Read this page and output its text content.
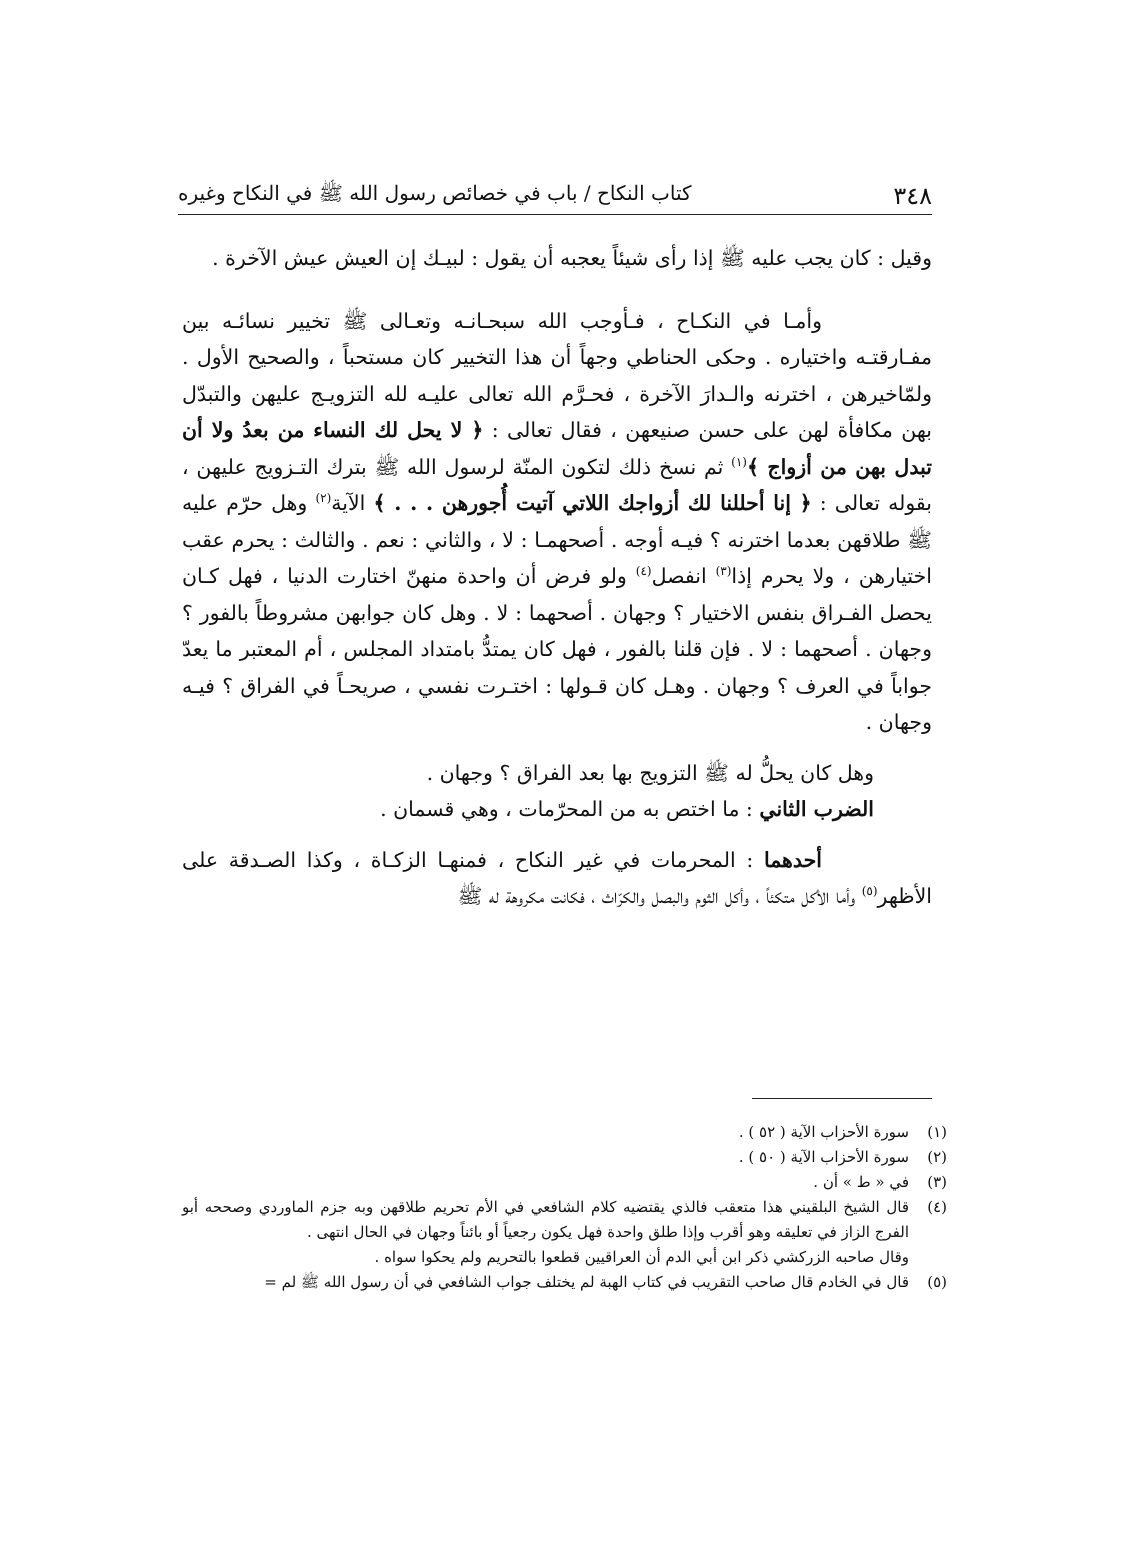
٣٤٨
كتاب النكاح / باب في خصائص رسول الله ﷺ في النكاح وغيره

وقيل : كان يجب عليه ﷺ إذا رأى شيئاً يعجبه أن يقول : لبيـك إن العيش عيش الآخرة .

وأمـا في النكـاح ، فـأوجب الله سبحـانـه وتعـالى ﷺ تخيير نسائـه بين مفـارقتـه واختياره . وحكى الحناطي وجهاً أن هذا التخيير كان مستحباً ، والصحيح الأول . ولمّاخيرهن ، اخترنه والـدارَ الآخرة ، فحـرَّم الله تعالى عليـه لله التزويـج عليهن والتبدّل بهن مكافأة لهن على حسن صنيعهن ، فقال تعالى : ﴿ لا يحل لك النساء من بعدُ ولا أن تبدل بهن من أزواج ﴾$^{(١)}$ ثم نسخ ذلك لتكون المنّة لرسول الله ﷺ بترك التـزويج عليهن ، بقوله تعالى : ﴿ إنا أحللنا لك أزواجك اللاتي آتيت أُجورهن . . . ﴾ الآية$^{(٢)}$ وهل حرّم عليه ﷺ طلاقهن بعدما اخترنه ؟ فيـه أوجه . أصحهمـا : لا ، والثاني : نعم . والثالث : يحرم عقب اختيارهن ، ولا يحرم إذا$^{(٣)}$ انفصل$^{(٤)}$ ولو فرض أن واحدة منهنّ اختارت الدنيا ، فهل كـان يحصل الفـراق بنفس الاختيار ؟ وجهان . أصحهما : لا . وهل كان جوابهن مشروطاً بالفور ؟ وجهان . أصحهما : لا . فإن قلنا بالفور ، فهل كان يمتدُّ بامتداد المجلس ، أم المعتبر ما يعدّ جواباً في العرف ؟ وجهان . وهـل كان قـولها : اختـرت نفسي ، صريحـاً في الفراق ؟ فيـه وجهان .

وهل كان يحلُّ له ﷺ التزويج بها بعد الفراق ؟ وجهان .

الضرب الثاني : ما اختص به من المحرّمات ، وهي قسمان .

أحدهما : المحرمات في غير النكاح ، فمنهـا الزكـاة ، وكذا الصـدقة على الأظهر$^{(٥)}$ وأما الأكل متكئاً ، وأكل الثوم والبصل والكرّاث ، فكانت مكروهة له ﷺ

(١)
سورة الأحزاب الآية ( ٥٢ ) .
(٢)
سورة الأحزاب الآية ( ٥٠ ) .
(٣)
في « ط » أن .
(٤)
قال الشيخ البلقيني هذا متعقب فالذي يقتضيه كلام الشافعي في الأم تحريم طلاقهن وبه جزم الماوردي وصححه أبو الفرج الزاز في تعليقه وهو أقرب وإذا طلق واحدة فهل يكون رجعياً أو بائناً وجهان في الحال انتهى .
وقال صاحبه الزركشي ذكر ابن أبي الدم أن العراقيين قطعوا بالتحريم ولم يحكوا سواه .
(٥)
قال في الخادم قال صاحب التقريب في كتاب الهبة لم يختلف جواب الشافعي في أن رسول الله ﷺ لم =
